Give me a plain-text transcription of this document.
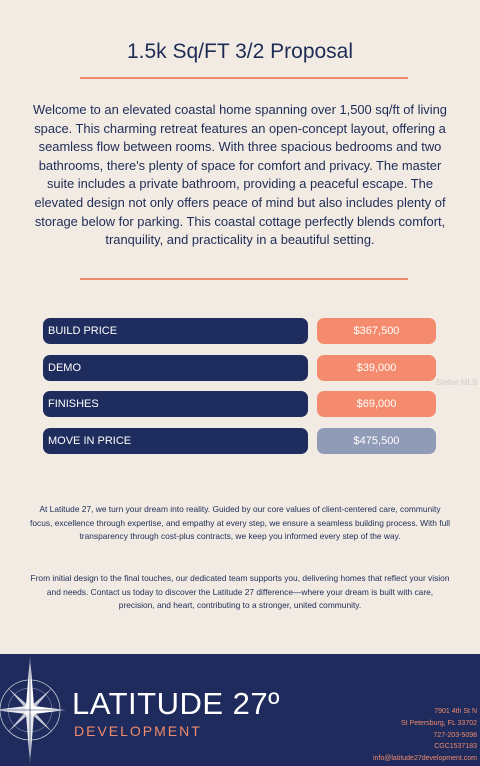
1.5k Sq/FT 3/2 Proposal
Welcome to an elevated coastal home spanning over 1,500 sq/ft of living space. This charming retreat features an open-concept layout, offering a seamless flow between rooms. With three spacious bedrooms and two bathrooms, there's plenty of space for comfort and privacy. The master suite includes a private bathroom, providing a peaceful escape. The elevated design not only offers peace of mind but also includes plenty of storage below for parking. This coastal cottage perfectly blends comfort, tranquility, and practicality in a beautiful setting.
BUILD PRICE	$367,500
DEMO	$39,000
FINISHES	$69,000
MOVE IN PRICE	$475,500
Stellar MLS
At Latitude 27, we turn your dream into reality. Guided by our core values of client-centered care, community focus, excellence through expertise, and empathy at every step, we ensure a seamless building process. With full transparency through cost-plus contracts, we keep you informed every step of the way.
From initial design to the final touches, our dedicated team supports you, delivering homes that reflect your vision and needs. Contact us today to discover the Latitude 27 difference—where your dream is built with care, precision, and heart, contributing to a stronger, united community.
LATITUDE 27º
DEVELOPMENT
7901 4th St N
St Petersburg, FL 33702
727-203-5098
CGC1537183
info@latitude27development.com
